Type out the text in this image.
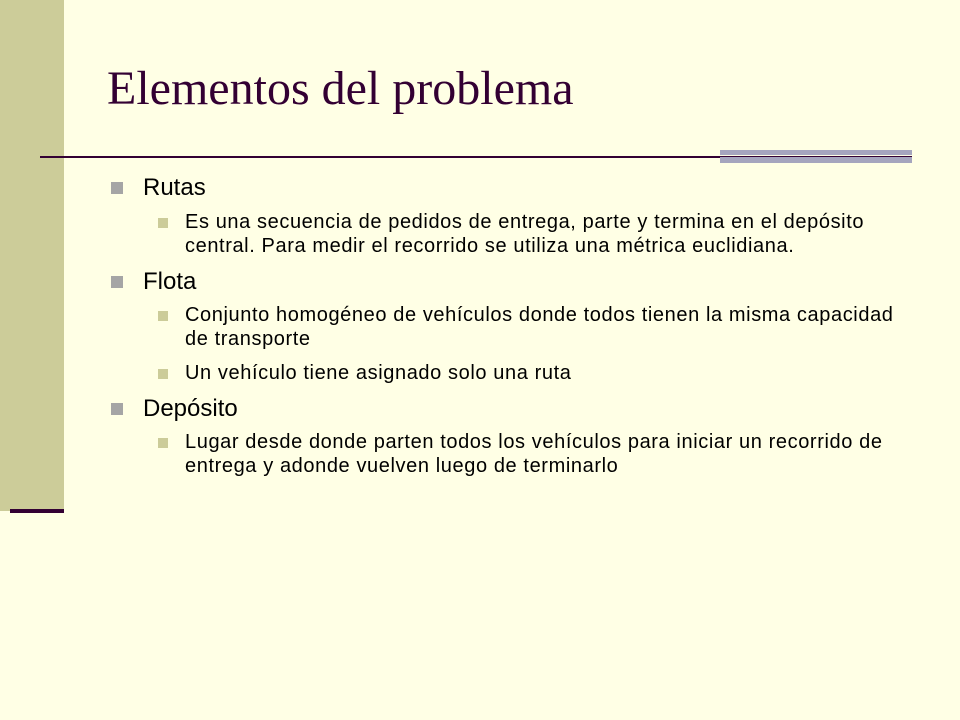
Elementos del problema
Rutas
Es una secuencia de pedidos de entrega, parte y termina en el depósito central. Para medir el recorrido se utiliza una métrica euclidiana.
Flota
Conjunto homogéneo de vehículos donde todos tienen la misma capacidad de transporte
Un vehículo tiene asignado solo una ruta
Depósito
Lugar desde donde parten todos los vehículos para iniciar un recorrido de entrega y adonde vuelven luego de terminarlo
